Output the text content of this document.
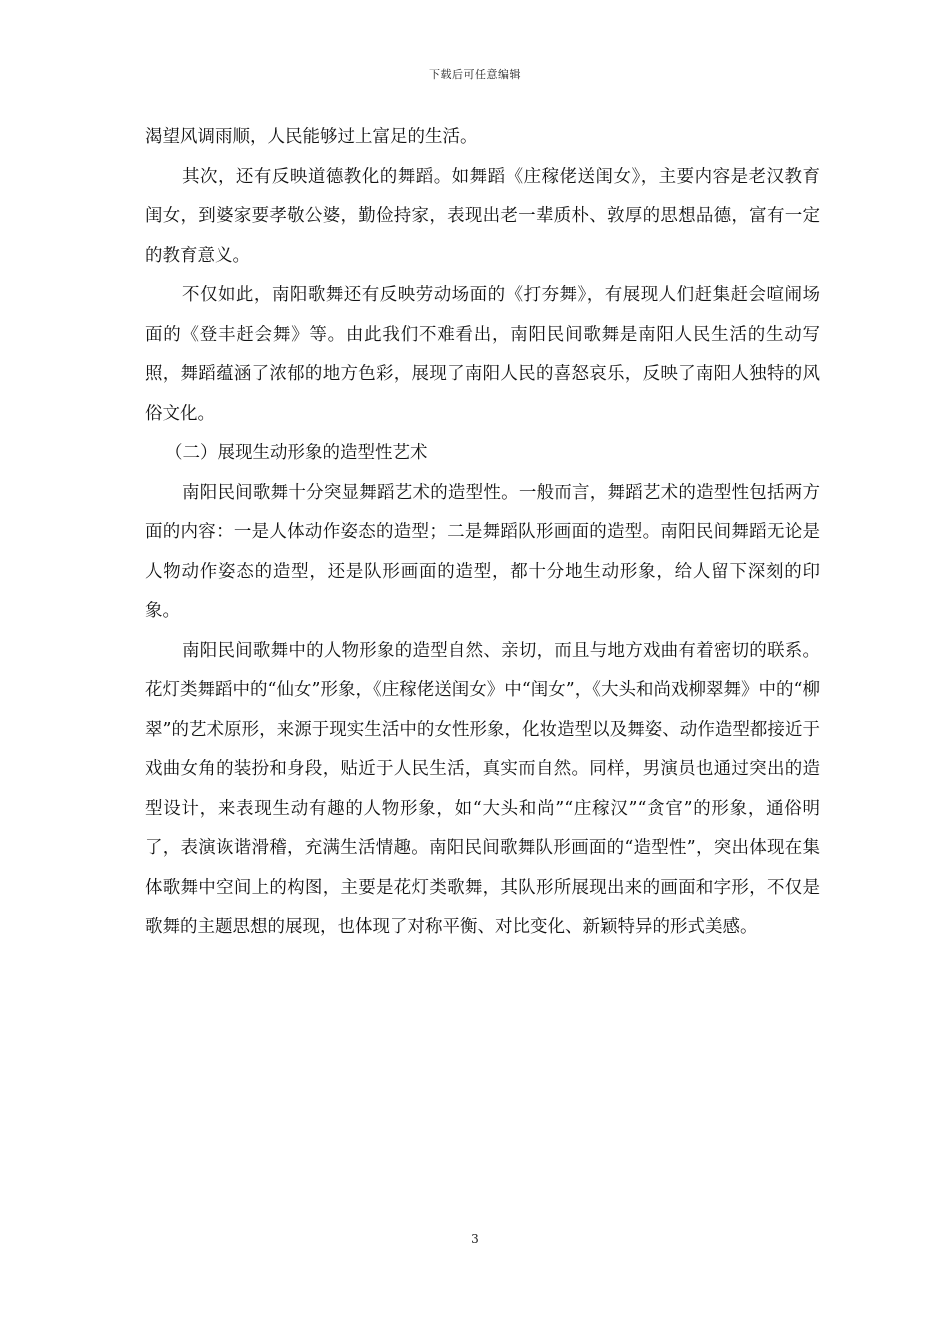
下载后可任意编辑

渴望风调雨顺，人民能够过上富足的生活。

其次，还有反映道德教化的舞蹈。如舞蹈《庄稼佬送闺女》，主要内容是老汉教育闺女，到婆家要孝敬公婆，勤俭持家，表现出老一辈质朴、敦厚的思想品德，富有一定的教育意义。

不仅如此，南阳歌舞还有反映劳动场面的《打夯舞》，有展现人们赶集赶会喧闹场面的《登丰赶会舞》等。由此我们不难看出，南阳民间歌舞是南阳人民生活的生动写照，舞蹈蕴涵了浓郁的地方色彩，展现了南阳人民的喜怒哀乐，反映了南阳人独特的风俗文化。

（二）展现生动形象的造型性艺术

南阳民间歌舞十分突显舞蹈艺术的造型性。一般而言，舞蹈艺术的造型性包括两方面的内容：一是人体动作姿态的造型；二是舞蹈队形画面的造型。南阳民间舞蹈无论是人物动作姿态的造型，还是队形画面的造型，都十分地生动形象，给人留下深刻的印象。

南阳民间歌舞中的人物形象的造型自然、亲切，而且与地方戏曲有着密切的联系。花灯类舞蹈中的“仙女”形象，《庄稼佬送闺女》中“闺女”，《大头和尚戏柳翠舞》中的“柳翠”的艺术原形，来源于现实生活中的女性形象，化妆造型以及舞姿、动作造型都接近于戏曲女角的装扮和身段，贴近于人民生活，真实而自然。同样，男演员也通过突出的造型设计，来表现生动有趣的人物形象，如“大头和尚”“庄稼汉”“贪官”的形象，通俗明了，表演诙谐滑稽，充满生活情趣。南阳民间歌舞队形画面的“造型性”，突出体现在集体歌舞中空间上的构图，主要是花灯类歌舞，其队形所展现出来的画面和字形，不仅是歌舞的主题思想的展现，也体现了对称平衡、对比变化、新颖特异的形式美感。

3
